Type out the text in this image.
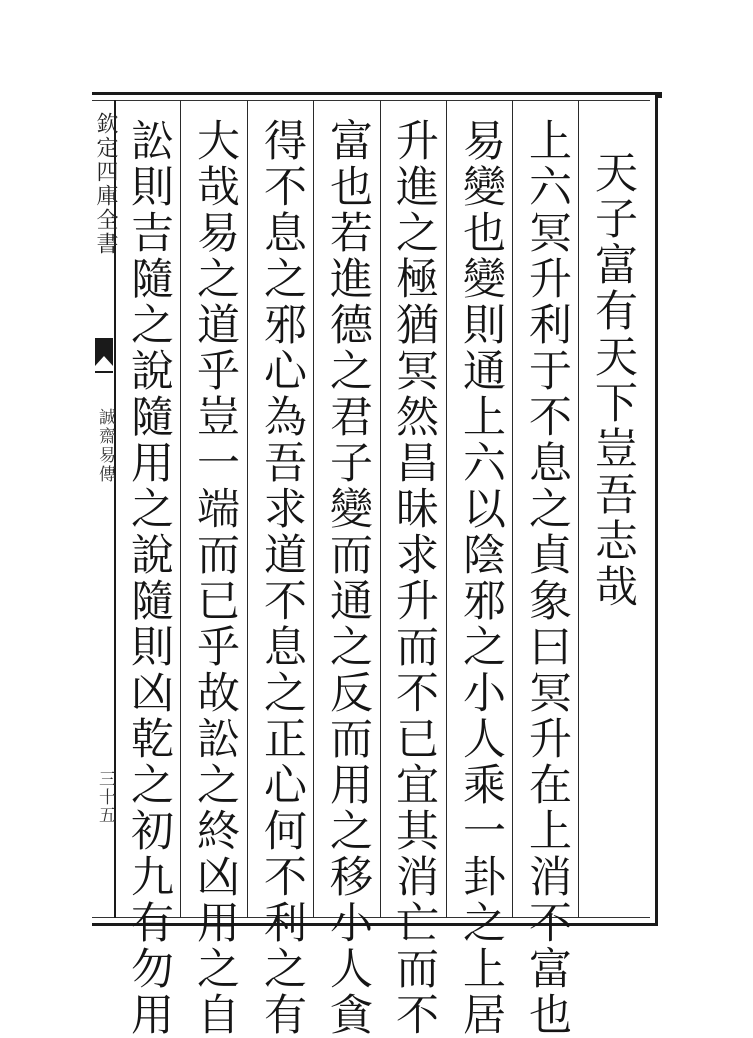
欽定四庫全書
誠齋易傳
三十五
天子富有天下豈吾志哉
上六冥升利于不息之貞象曰冥升在上消不富也
易變也變則通上六以陰邪之小人乘一卦之上居
升進之極猶冥然昌昧求升而不已宜其消亡而不
富也若進德之君子變而通之反而用之移小人貪
得不息之邪心為吾求道不息之正心何不利之有
大哉易之道乎豈一端而已乎故訟之終凶用之自
訟則吉隨之說隨用之說隨則凶乾之初九有勿用
